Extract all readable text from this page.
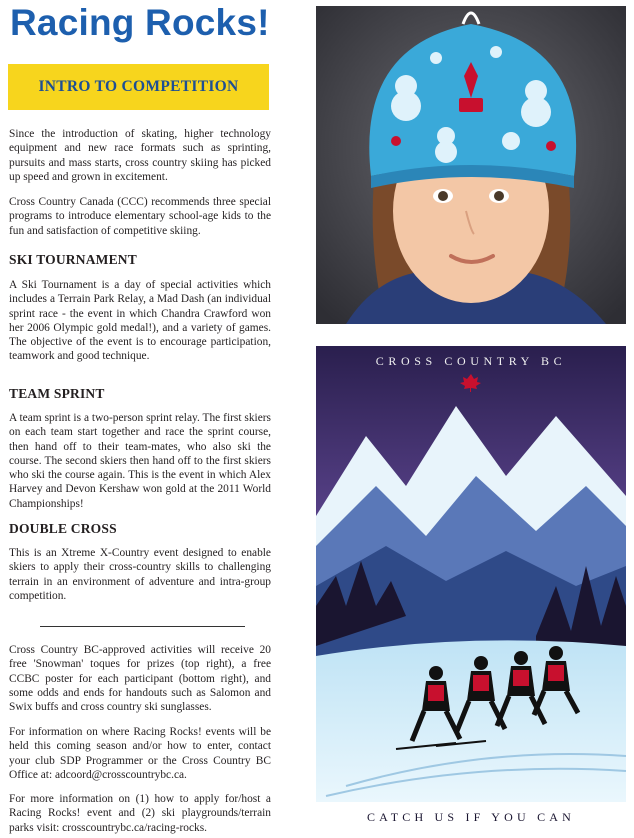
Racing Rocks!
INTRO TO COMPETITION

Since the introduction of skating, higher technology equipment and new race formats such as sprinting, pursuits and mass starts, cross country skiing has picked up speed and grown in excitement.

Cross Country Canada (CCC) recommends three special programs to introduce elementary school-age kids to the fun and satisfaction of competitive skiing.

SKI TOURNAMENT

A Ski Tournament is a day of special activities which includes a Terrain Park Relay, a Mad Dash (an individual sprint race - the event in which Chandra Crawford won her 2006 Olympic gold medal!), and a variety of games. The objective of the event is to encourage participation, teamwork and good technique.

TEAM SPRINT

A team sprint is a two-person sprint relay. The first skiers on each team start together and race the sprint course, then hand off to their team-mates, who also ski the course. The second skiers then hand off to the first skiers who ski the course again. This is the event in which Alex Harvey and Devon Kershaw won gold at the 2011 World Championships!

DOUBLE CROSS

This is an Xtreme X-Country event designed to enable skiers to apply their cross-country skills to challenging terrain in an environment of adventure and intra-group competition.

Cross Country BC-approved activities will receive 20 free 'Snowman' toques for prizes (top right), a free CCBC poster for each participant (bottom right), and some odds and ends for handouts such as Salomon and Swix buffs and cross country ski sunglasses.

For information on where Racing Rocks! events will be held this coming season and/or how to enter, contact your club SDP Programmer or the Cross Country BC Office at: adcoord@crosscountrybc.ca.

For more information on (1) how to apply for/host a Racing Rocks! event and (2) ski playgrounds/terrain parks visit: crosscountrybc.ca/racing-rocks.

CROSS COUNTRY BC
CATCH US IF YOU CAN
